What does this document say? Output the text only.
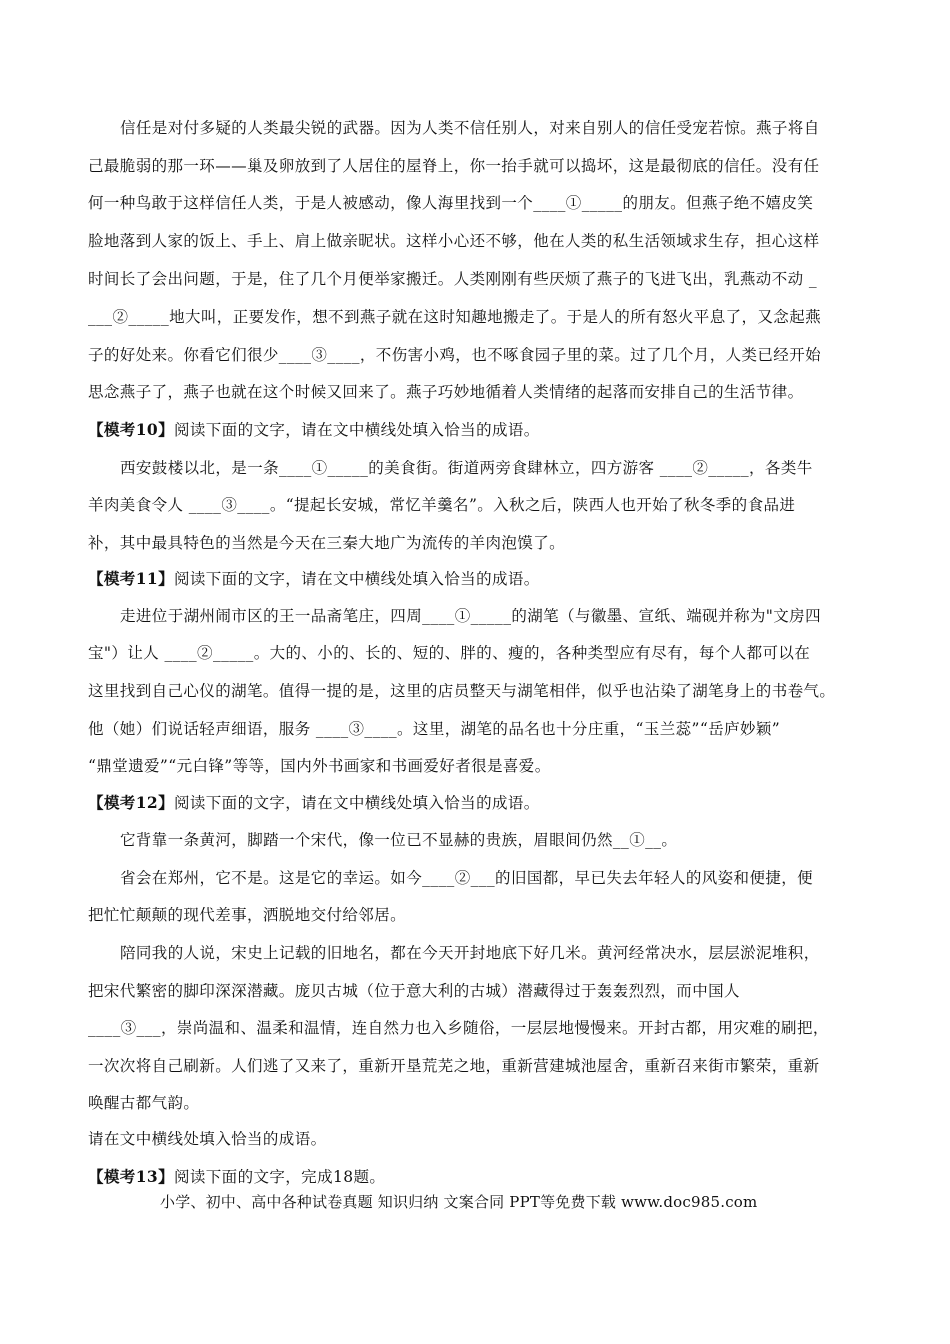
信任是对付多疑的人类最尖锐的武器。因为人类不信任别人，对来自别人的信任受宠若惊。燕子将自
己最脆弱的那一环——巢及卵放到了人居住的屋脊上，你一抬手就可以捣坏，这是最彻底的信任。没有任
何一种鸟敢于这样信任人类，于是人被感动，像人海里找到一个____①_____的朋友。但燕子绝不嬉皮笑
脸地落到人家的饭上、手上、肩上做亲昵状。这样小心还不够，他在人类的私生活领域求生存，担心这样
时间长了会出问题，于是，住了几个月便举家搬迁。人类刚刚有些厌烦了燕子的飞进飞出，乳燕动不动 _
___②_____地大叫，正要发作，想不到燕子就在这时知趣地搬走了。于是人的所有怒火平息了，又念起燕
子的好处来。你看它们很少____③____，不伤害小鸡，也不啄食园子里的菜。过了几个月，人类已经开始
思念燕子了，燕子也就在这个时候又回来了。燕子巧妙地循着人类情绪的起落而安排自己的生活节律。
【模考10】阅读下面的文字，请在文中横线处填入恰当的成语。
西安鼓楼以北，是一条____①_____的美食街。街道两旁食肆林立，四方游客 ____②_____，各类牛
羊肉美食令人 ____③____。“提起长安城，常忆羊羹名”。入秋之后，陕西人也开始了秋冬季的食品进
补，其中最具特色的当然是今天在三秦大地广为流传的羊肉泡馍了。
【模考11】阅读下面的文字，请在文中横线处填入恰当的成语。
走进位于湖州闹市区的王一品斋笔庄，四周____①_____的湖笔（与徽墨、宣纸、端砚并称为"文房四
宝"）让人 ____②_____。大的、小的、长的、短的、胖的、瘦的，各种类型应有尽有，每个人都可以在
这里找到自己心仪的湖笔。值得一提的是，这里的店员整天与湖笔相伴，似乎也沾染了湖笔身上的书卷气。
他（她）们说话轻声细语，服务 ____③____。这里，湖笔的品名也十分庄重，“玉兰蕊”“岳庐妙颖”
“鼎堂遗爱”“元白锋”等等，国内外书画家和书画爱好者很是喜爱。
【模考12】阅读下面的文字，请在文中横线处填入恰当的成语。
它背靠一条黄河，脚踏一个宋代，像一位已不显赫的贵族，眉眼间仍然__①__。
省会在郑州，它不是。这是它的幸运。如今____②___的旧国都，早已失去年轻人的风姿和便捷，便
把忙忙颠颠的现代差事，洒脱地交付给邻居。
陪同我的人说，宋史上记载的旧地名，都在今天开封地底下好几米。黄河经常决水，层层淤泥堆积，
把宋代繁密的脚印深深潜藏。庞贝古城（位于意大利的古城）潜藏得过于轰轰烈烈，而中国人
____③___，崇尚温和、温柔和温情，连自然力也入乡随俗，一层层地慢慢来。开封古都，用灾难的刷把，
一次次将自己刷新。人们逃了又来了，重新开垦荒芜之地，重新营建城池屋舍，重新召来街市繁荣，重新
唤醒古都气韵。
请在文中横线处填入恰当的成语。
【模考13】阅读下面的文字，完成18题。
小学、初中、高中各种试卷真题 知识归纳 文案合同 PPT等免费下载 www.doc985.com
